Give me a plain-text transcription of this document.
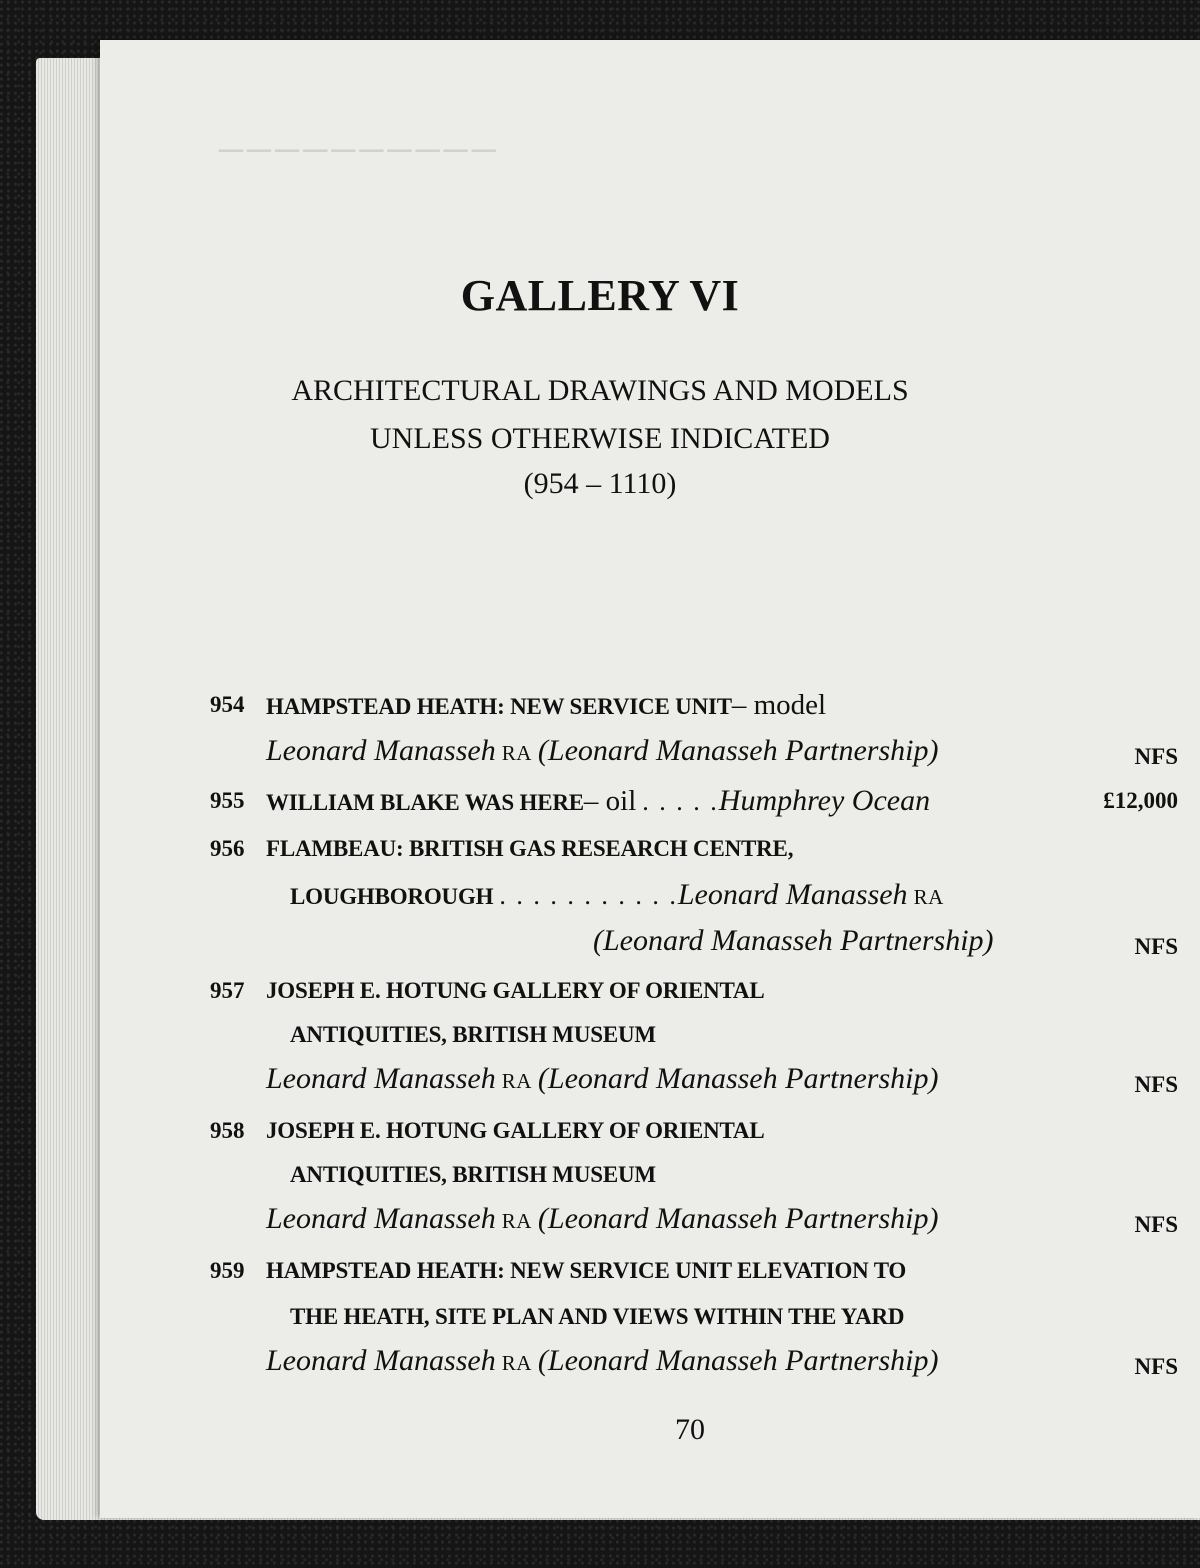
──────────
GALLERY VI
ARCHITECTURAL DRAWINGS AND MODELS
UNLESS OTHERWISE INDICATED
(954 – 1110)
954 HAMPSTEAD HEATH: NEW SERVICE UNIT– model
Leonard Manasseh RA (Leonard Manasseh Partnership)	NFS
955 WILLIAM BLAKE WAS HERE– oil . . . . .Humphrey Ocean	£12,000
956 FLAMBEAU: BRITISH GAS RESEARCH CENTRE,
LOUGHBOROUGH . . . . . . . . . . .Leonard Manasseh RA
(Leonard Manasseh Partnership)	NFS
957 JOSEPH E. HOTUNG GALLERY OF ORIENTAL
ANTIQUITIES, BRITISH MUSEUM
Leonard Manasseh RA (Leonard Manasseh Partnership)	NFS
958 JOSEPH E. HOTUNG GALLERY OF ORIENTAL
ANTIQUITIES, BRITISH MUSEUM
Leonard Manasseh RA (Leonard Manasseh Partnership)	NFS
959 HAMPSTEAD HEATH: NEW SERVICE UNIT ELEVATION TO
THE HEATH, SITE PLAN AND VIEWS WITHIN THE YARD
Leonard Manasseh RA (Leonard Manasseh Partnership)	NFS
70
